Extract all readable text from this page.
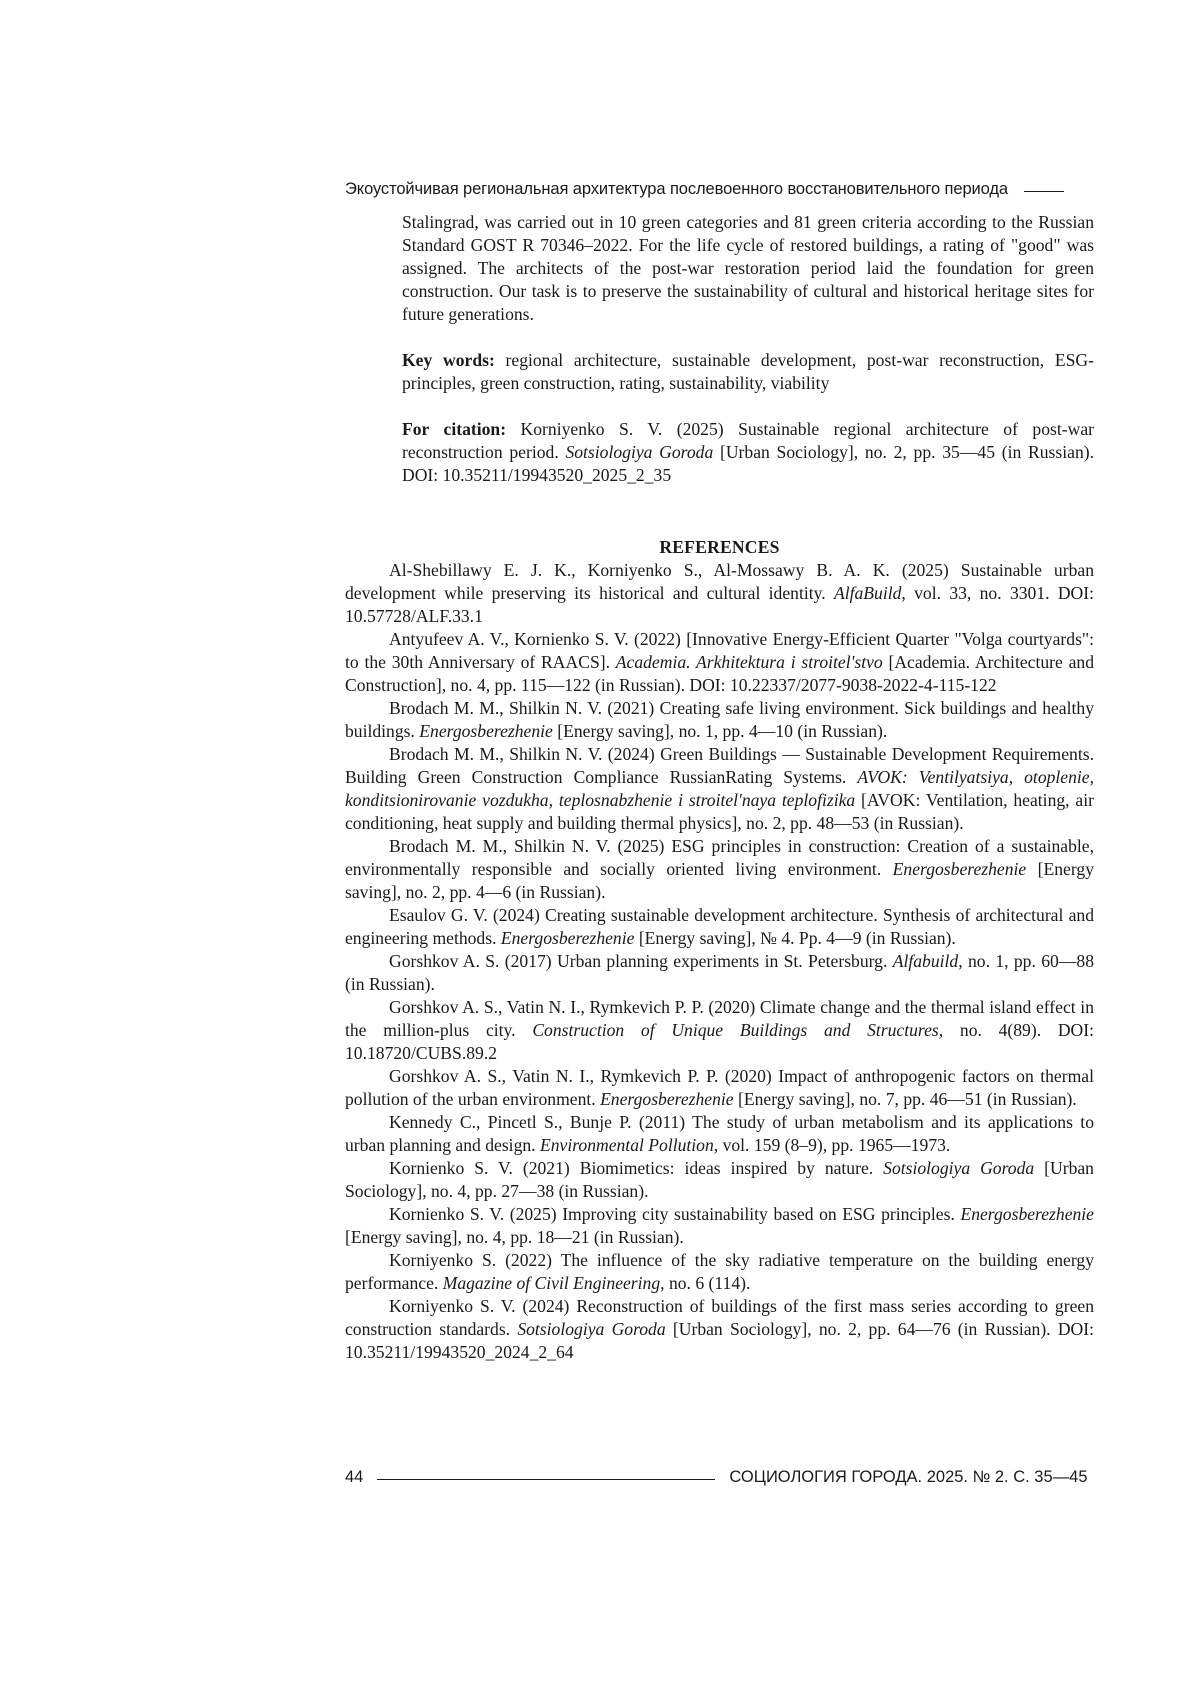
Экоустойчивая региональная архитектура послевоенного восстановительного периода

Stalingrad, was carried out in 10 green categories and 81 green criteria according to the Russian Standard GOST R 70346–2022. For the life cycle of restored buildings, a rating of "good" was assigned. The architects of the post-war restoration period laid the foundation for green construction. Our task is to preserve the sustainability of cultural and historical heritage sites for future generations.

Key words: regional architecture, sustainable development, post-war reconstruction, ESG-principles, green construction, rating, sustainability, viability

For citation: Korniyenko S. V. (2025) Sustainable regional architecture of post-war reconstruction period. Sotsiologiya Goroda [Urban Sociology], no. 2, pp. 35—45 (in Russian). DOI: 10.35211/19943520_2025_2_35

REFERENCES

Al-Shebillawy E. J. K., Korniyenko S., Al-Mossawy B. A. K. (2025) Sustainable urban development while preserving its historical and cultural identity. AlfaBuild, vol. 33, no. 3301. DOI: 10.57728/ALF.33.1

Antyufeev A. V., Kornienko S. V. (2022) [Innovative Energy-Efficient Quarter "Volga courtyards": to the 30th Anniversary of RAACS]. Academia. Arkhitektura i stroitel'stvo [Academia. Architecture and Construction], no. 4, pp. 115—122 (in Russian). DOI: 10.22337/2077-9038-2022-4-115-122

Brodach M. M., Shilkin N. V. (2021) Creating safe living environment. Sick buildings and healthy buildings. Energosberezhenie [Energy saving], no. 1, pp. 4—10 (in Russian).

Brodach M. M., Shilkin N. V. (2024) Green Buildings — Sustainable Development Requirements. Building Green Construction Compliance RussianRating Systems. AVOK: Ventilyatsiya, otoplenie, konditsionirovanie vozdukha, teplosnabzhenie i stroitel'naya teplofizika [AVOK: Ventilation, heating, air conditioning, heat supply and building thermal physics], no. 2, pp. 48—53 (in Russian).

Brodach M. M., Shilkin N. V. (2025) ESG principles in construction: Creation of a sustainable, environmentally responsible and socially oriented living environment. Energosberezhenie [Energy saving], no. 2, pp. 4—6 (in Russian).

Esaulov G. V. (2024) Creating sustainable development architecture. Synthesis of architectural and engineering methods. Energosberezhenie [Energy saving], № 4. Pp. 4—9 (in Russian).

Gorshkov A. S. (2017) Urban planning experiments in St. Petersburg. Alfabuild, no. 1, pp. 60—88 (in Russian).

Gorshkov A. S., Vatin N. I., Rymkevich P. P. (2020) Climate change and the thermal island effect in the million-plus city. Construction of Unique Buildings and Structures, no. 4(89). DOI: 10.18720/CUBS.89.2

Gorshkov A. S., Vatin N. I., Rymkevich P. P. (2020) Impact of anthropogenic factors on thermal pollution of the urban environment. Energosberezhenie [Energy saving], no. 7, pp. 46—51 (in Russian).

Kennedy C., Pincetl S., Bunje P. (2011) The study of urban metabolism and its applications to urban planning and design. Environmental Pollution, vol. 159 (8–9), pp. 1965—1973.

Kornienko S. V. (2021) Biomimetics: ideas inspired by nature. Sotsiologiya Goroda [Urban Sociology], no. 4, pp. 27—38 (in Russian).

Kornienko S. V. (2025) Improving city sustainability based on ESG principles. Energosberezhenie [Energy saving], no. 4, pp. 18—21 (in Russian).

Korniyenko S. (2022) The influence of the sky radiative temperature on the building energy performance. Magazine of Civil Engineering, no. 6 (114).

Korniyenko S. V. (2024) Reconstruction of buildings of the first mass series according to green construction standards. Sotsiologiya Goroda [Urban Sociology], no. 2, pp. 64—76 (in Russian). DOI: 10.35211/19943520_2024_2_64

44	СОЦИОЛОГИЯ ГОРОДА. 2025. № 2. С. 35—45
